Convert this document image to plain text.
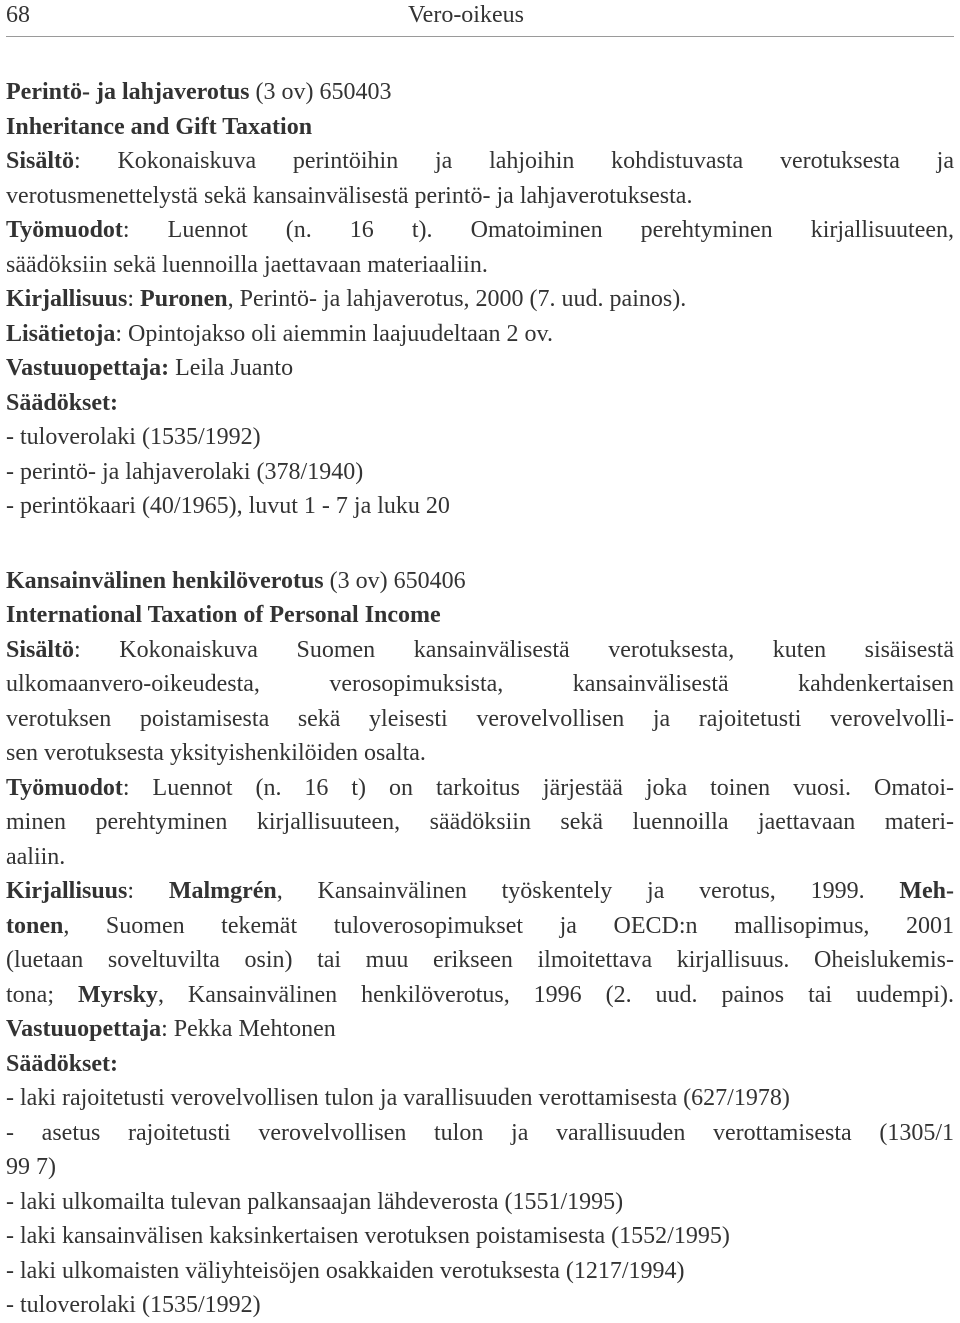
68	Vero-oikeus
Perintö- ja lahjaverotus (3 ov) 650403
Inheritance and Gift Taxation
Sisältö: Kokonaiskuva perintöihin ja lahjoihin kohdistuvasta verotuksesta ja
verotusmenettelystä sekä kansainvälisestä perintö- ja lahjaverotuksesta.
Työmuodot: Luennot (n. 16 t). Omatoiminen perehtyminen kirjallisuuteen,
säädöksiin sekä luennoilla jaettavaan materiaaliin.
Kirjallisuus: Puronen, Perintö- ja lahjaverotus, 2000 (7. uud. painos).
Lisätietoja: Opintojakso oli aiemmin laajuudeltaan 2 ov.
Vastuuopettaja: Leila Juanto
Säädökset:
- tuloverolaki (1535/1992)
- perintö- ja lahjaverolaki (378/1940)
- perintökaari (40/1965), luvut 1 - 7 ja luku 20
Kansainvälinen henkilöverotus (3 ov) 650406
International Taxation of Personal Income
Sisältö: Kokonaiskuva Suomen kansainvälisestä verotuksesta, kuten sisäisestä
ulkomaanvero-oikeudesta, verosopimuksista, kansainvälisestä kahdenkertaisen
verotuksen poistamisesta sekä yleisesti verovelvollisen ja rajoitetusti verovelvolli-
sen verotuksesta yksityishenkilöiden osalta.
Työmuodot: Luennot (n. 16 t) on tarkoitus järjestää joka toinen vuosi. Omatoi-
minen perehtyminen kirjallisuuteen, säädöksiin sekä luennoilla jaettavaan materi-
aaliin.
Kirjallisuus: Malmgrén, Kansainvälinen työskentely ja verotus, 1999. Meh-
tonen, Suomen tekemät tuloverosopimukset ja OECD:n mallisopimus, 2001
(luetaan soveltuvilta osin) tai muu erikseen ilmoitettava kirjallisuus. Oheislukemis-
tona; Myrsky, Kansainvälinen henkilöverotus, 1996 (2. uud. painos tai uudempi).
Vastuuopettaja: Pekka Mehtonen
Säädökset:
- laki rajoitetusti verovelvollisen tulon ja varallisuuden verottamisesta (627/1978)
- asetus rajoitetusti verovelvollisen tulon ja varallisuuden verottamisesta (1305/1
99 7)
- laki ulkomailta tulevan palkansaajan lähdeverosta (1551/1995)
- laki kansainvälisen kaksinkertaisen verotuksen poistamisesta (1552/1995)
- laki ulkomaisten väliyhteisöjen osakkaiden verotuksesta (1217/1994)
- tuloverolaki (1535/1992)
